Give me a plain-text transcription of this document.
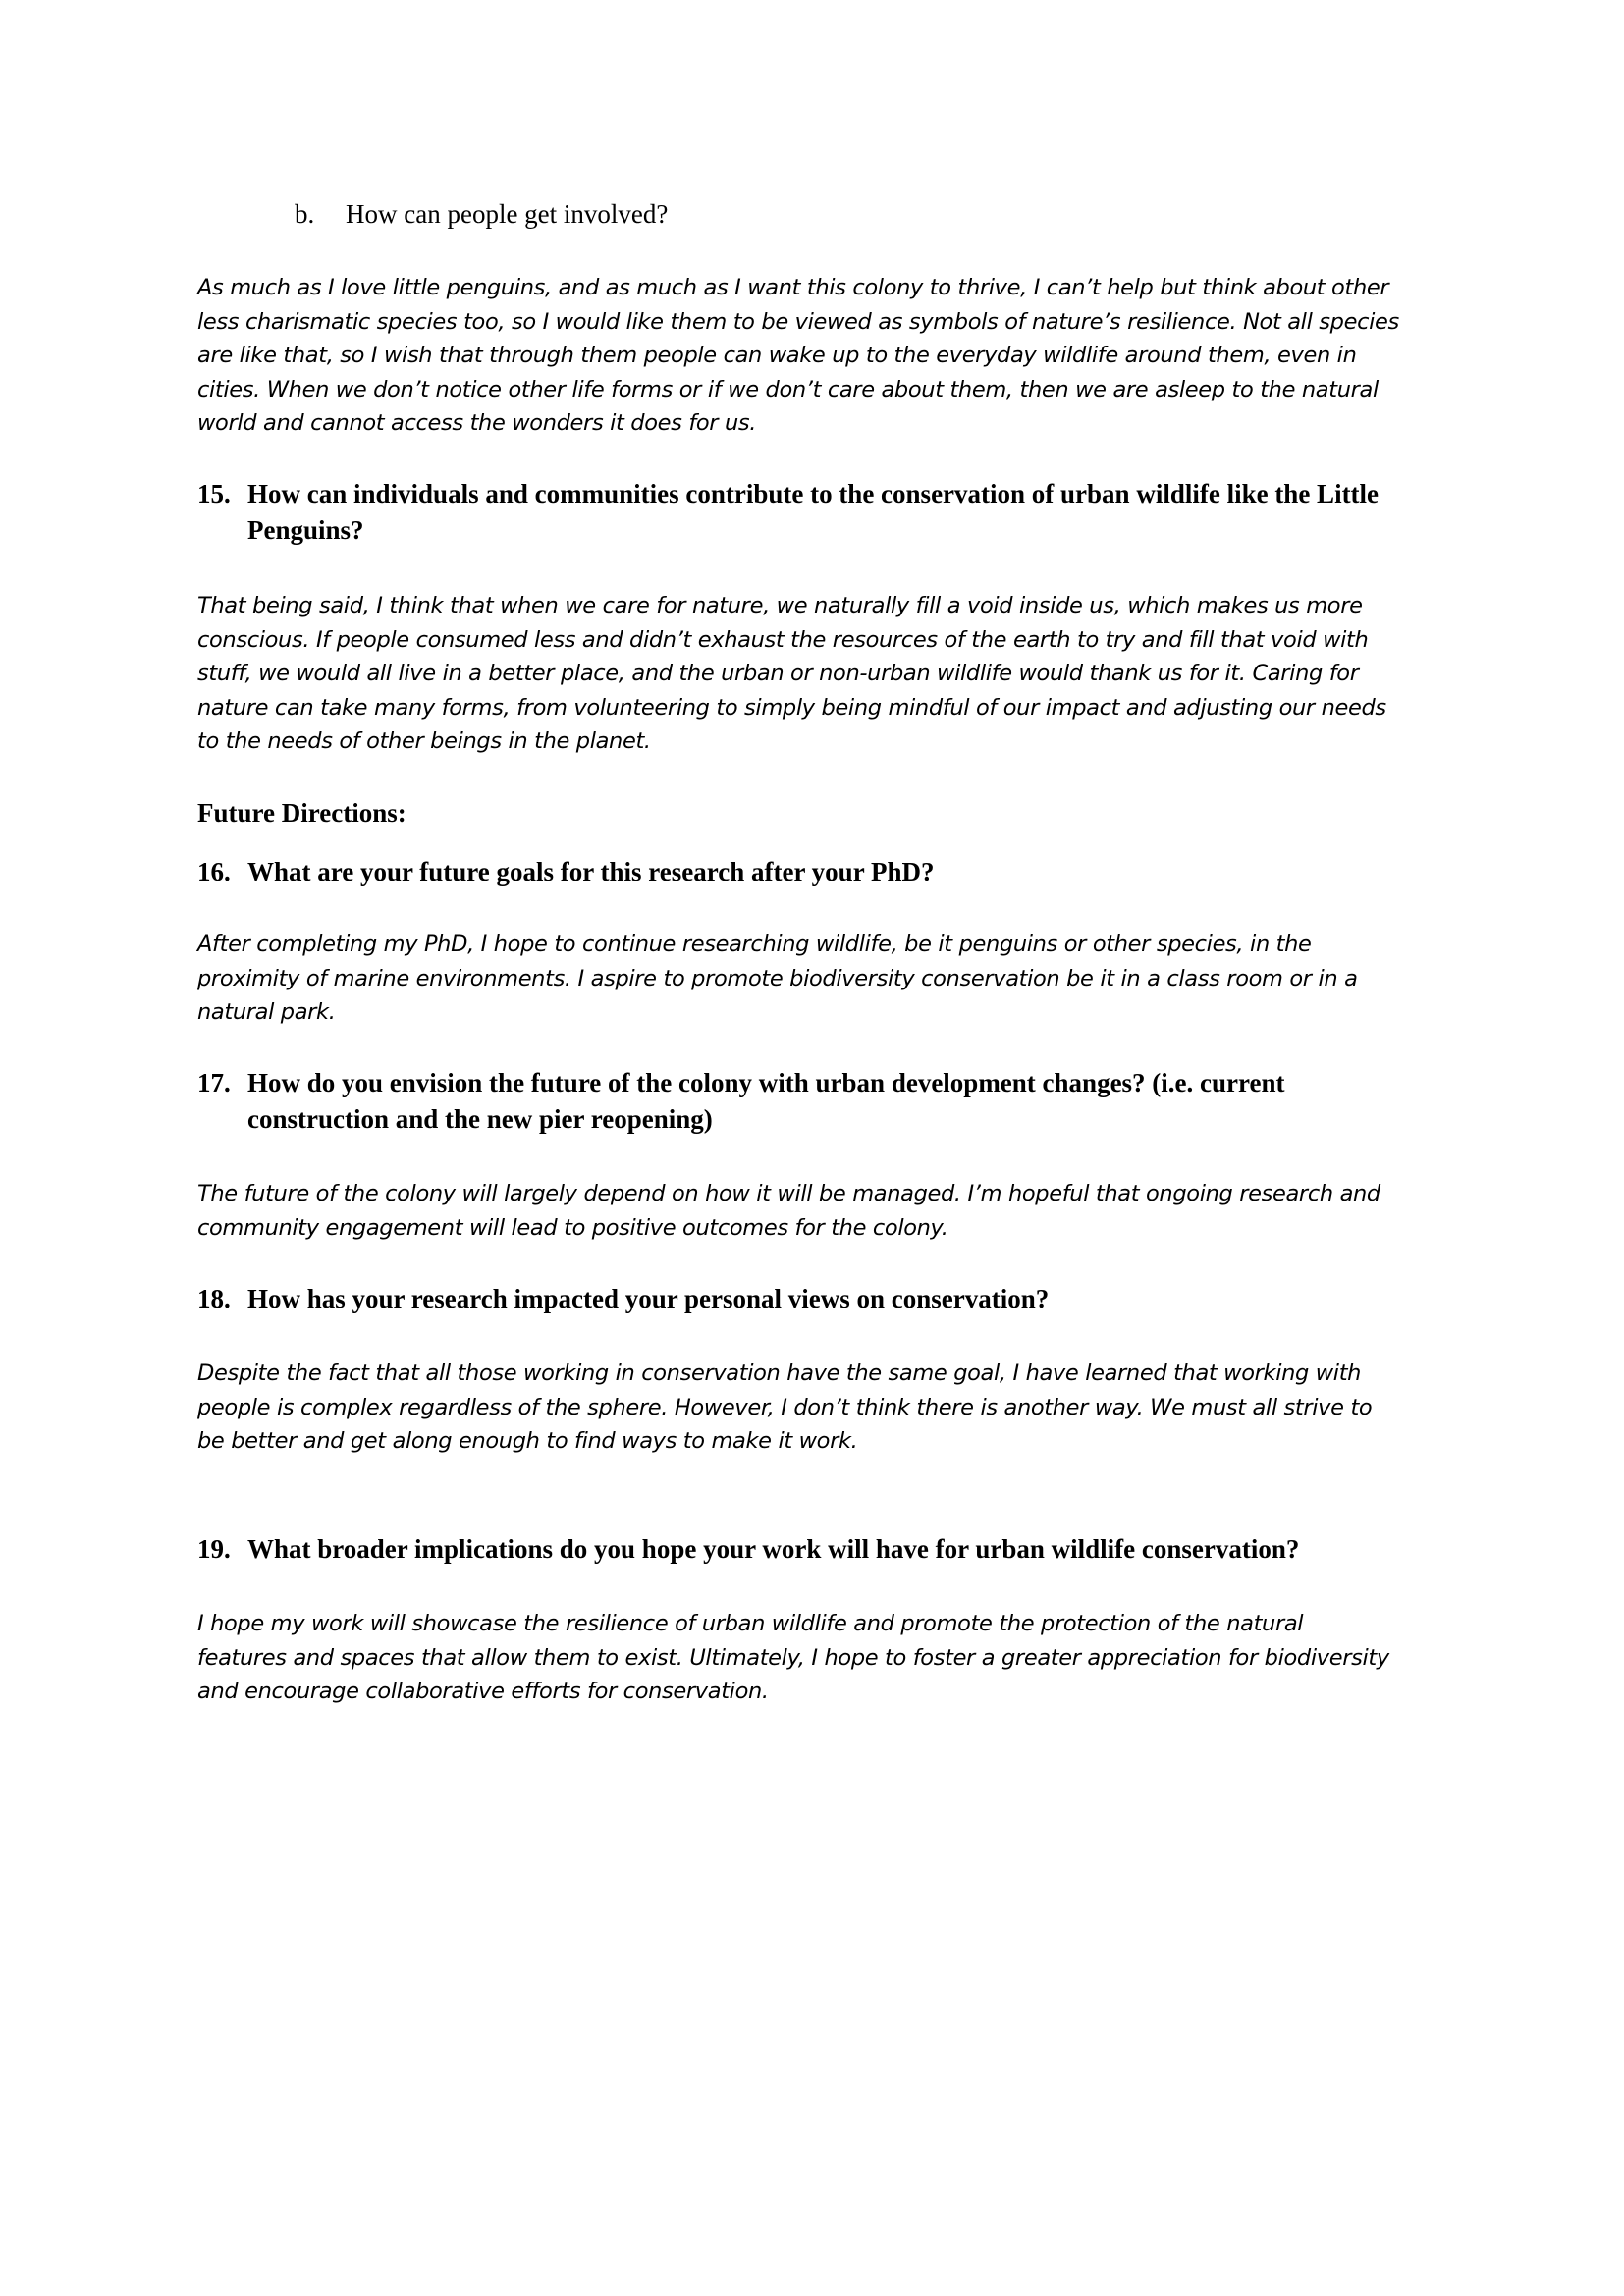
b. How can people get involved?
As much as I love little penguins, and as much as I want this colony to thrive, I can’t help but think about other
less charismatic species too, so I would like them to be viewed as symbols of nature’s resilience. Not all species
are like that, so I wish that through them people can wake up to the everyday wildlife around them, even in
cities. When we don’t notice other life forms or if we don’t care about them, then we are asleep to the natural
world and cannot access the wonders it does for us.
15. How can individuals and communities contribute to the conservation of urban wildlife like the Little
Penguins?
That being said, I think that when we care for nature, we naturally fill a void inside us, which makes us more
conscious. If people consumed less and didn’t exhaust the resources of the earth to try and fill that void with
stuff, we would all live in a better place, and the urban or non-urban wildlife would thank us for it. Caring for
nature can take many forms, from volunteering to simply being mindful of our impact and adjusting our needs
to the needs of other beings in the planet.
Future Directions:
16. What are your future goals for this research after your PhD?
After completing my PhD, I hope to continue researching wildlife, be it penguins or other species, in the
proximity of marine environments. I aspire to promote biodiversity conservation be it in a class room or in a
natural park.
17. How do you envision the future of the colony with urban development changes? (i.e. current
construction and the new pier reopening)
The future of the colony will largely depend on how it will be managed. I’m hopeful that ongoing research and
community engagement will lead to positive outcomes for the colony.
18. How has your research impacted your personal views on conservation?
Despite the fact that all those working in conservation have the same goal, I have learned that working with
people is complex regardless of the sphere. However, I don’t think there is another way. We must all strive to
be better and get along enough to find ways to make it work.
19. What broader implications do you hope your work will have for urban wildlife conservation?
I hope my work will showcase the resilience of urban wildlife and promote the protection of the natural
features and spaces that allow them to exist. Ultimately, I hope to foster a greater appreciation for biodiversity
and encourage collaborative efforts for conservation.
